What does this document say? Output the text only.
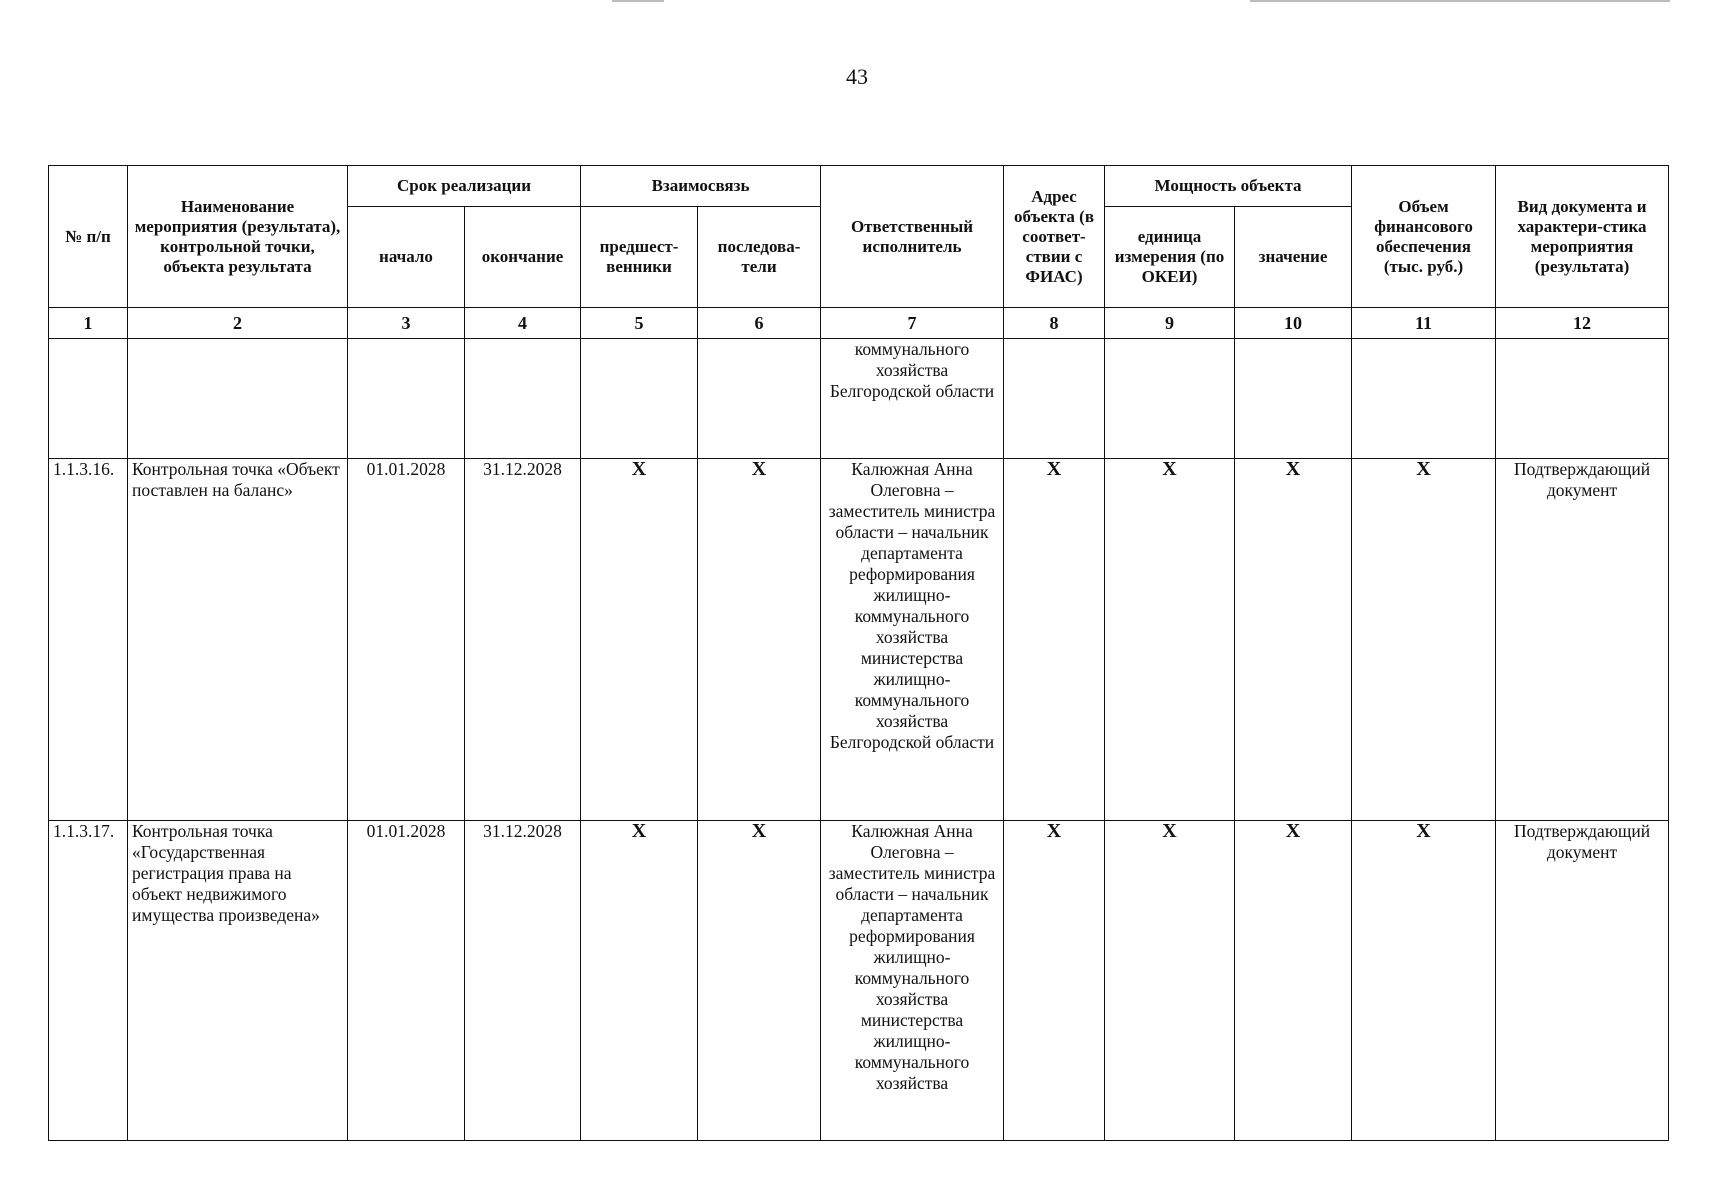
43
№ п/п	Наименование мероприятия (результата), контрольной точки, объекта результата	Срок реализации		Взаимосвязь		Ответственный исполнитель	Адрес объекта (в соответ-ствии с ФИАС)	Мощность объекта		Объем финансового обеспечения (тыс. руб.)	Вид документа и характери-стика мероприятия (результата)
		начало	окончание	предшест-венники	последова-тели			единица измерения (по ОКЕИ)	значение		
1	2	3	4	5	6	7	8	9	10	11	12
						коммунального хозяйства Белгородской области					
1.1.3.16.	Контрольная точка «Объект поставлен на баланс»	01.01.2028	31.12.2028	X	X	Калюжная Анна Олеговна – заместитель министра области – начальник департамента реформирования жилищно-коммунального хозяйства министерства жилищно-коммунального хозяйства Белгородской области	X	X	X	X	Подтверждающий документ
1.1.3.17.	Контрольная точка «Государственная регистрация права на объект недвижимого имущества произведена»	01.01.2028	31.12.2028	X	X	Калюжная Анна Олеговна – заместитель министра области – начальник департамента реформирования жилищно-коммунального хозяйства министерства жилищно-коммунального хозяйства	X	X	X	X	Подтверждающий документ
